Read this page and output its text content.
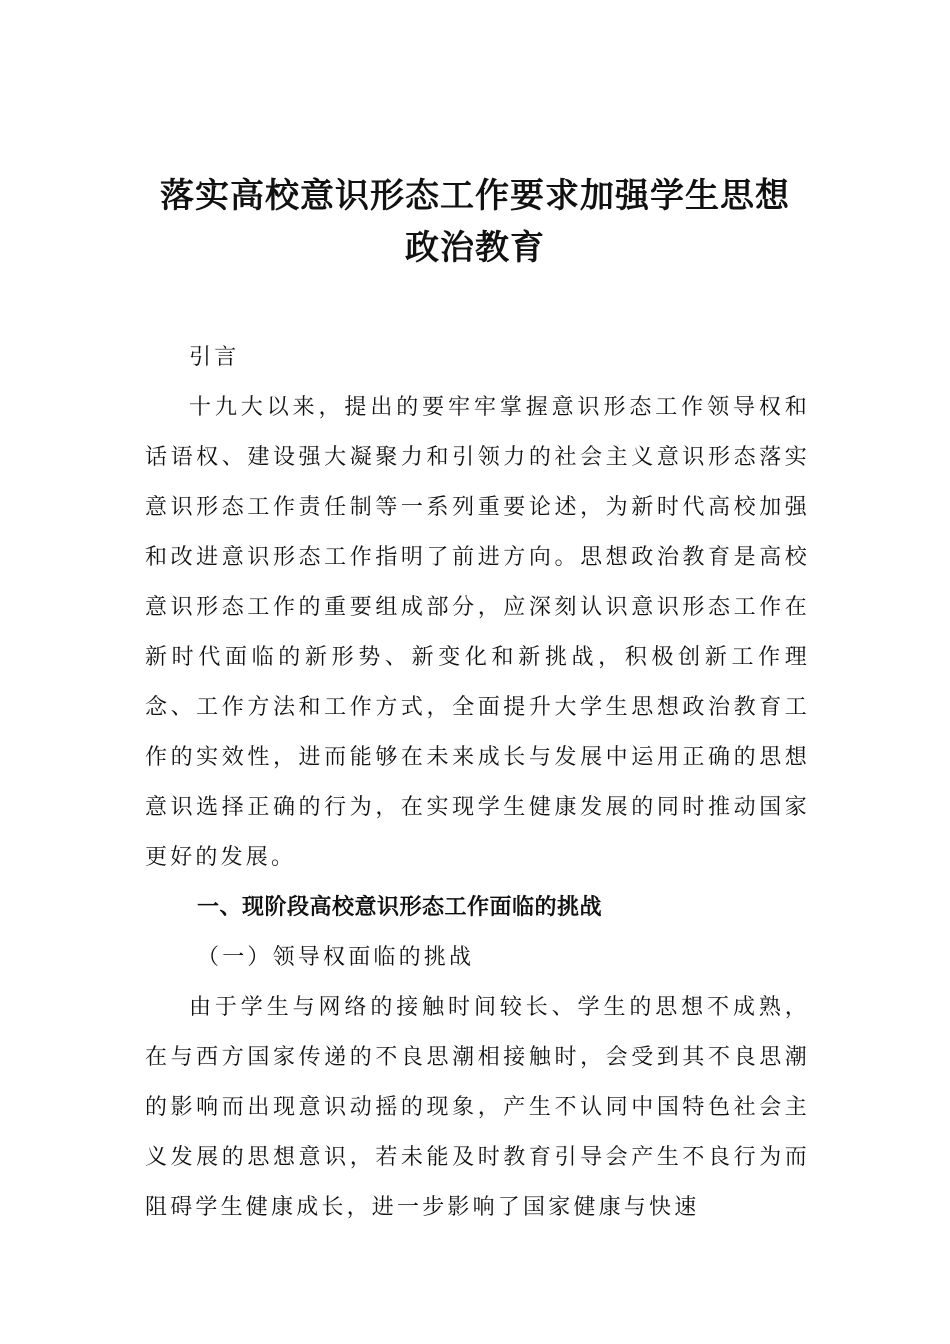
落实高校意识形态工作要求加强学生思想
政治教育

引言

十九大以来，提出的要牢牢掌握意识形态工作领导权和话语权、建设强大凝聚力和引领力的社会主义意识形态落实意识形态工作责任制等一系列重要论述，为新时代高校加强和改进意识形态工作指明了前进方向。思想政治教育是高校意识形态工作的重要组成部分，应深刻认识意识形态工作在新时代面临的新形势、新变化和新挑战，积极创新工作理念、工作方法和工作方式，全面提升大学生思想政治教育工作的实效性，进而能够在未来成长与发展中运用正确的思想意识选择正确的行为，在实现学生健康发展的同时推动国家更好的发展。

一、现阶段高校意识形态工作面临的挑战

（一）领导权面临的挑战

由于学生与网络的接触时间较长、学生的思想不成熟，在与西方国家传递的不良思潮相接触时，会受到其不良思潮的影响而出现意识动摇的现象，产生不认同中国特色社会主义发展的思想意识，若未能及时教育引导会产生不良行为而阻碍学生健康成长，进一步影响了国家健康与快速
